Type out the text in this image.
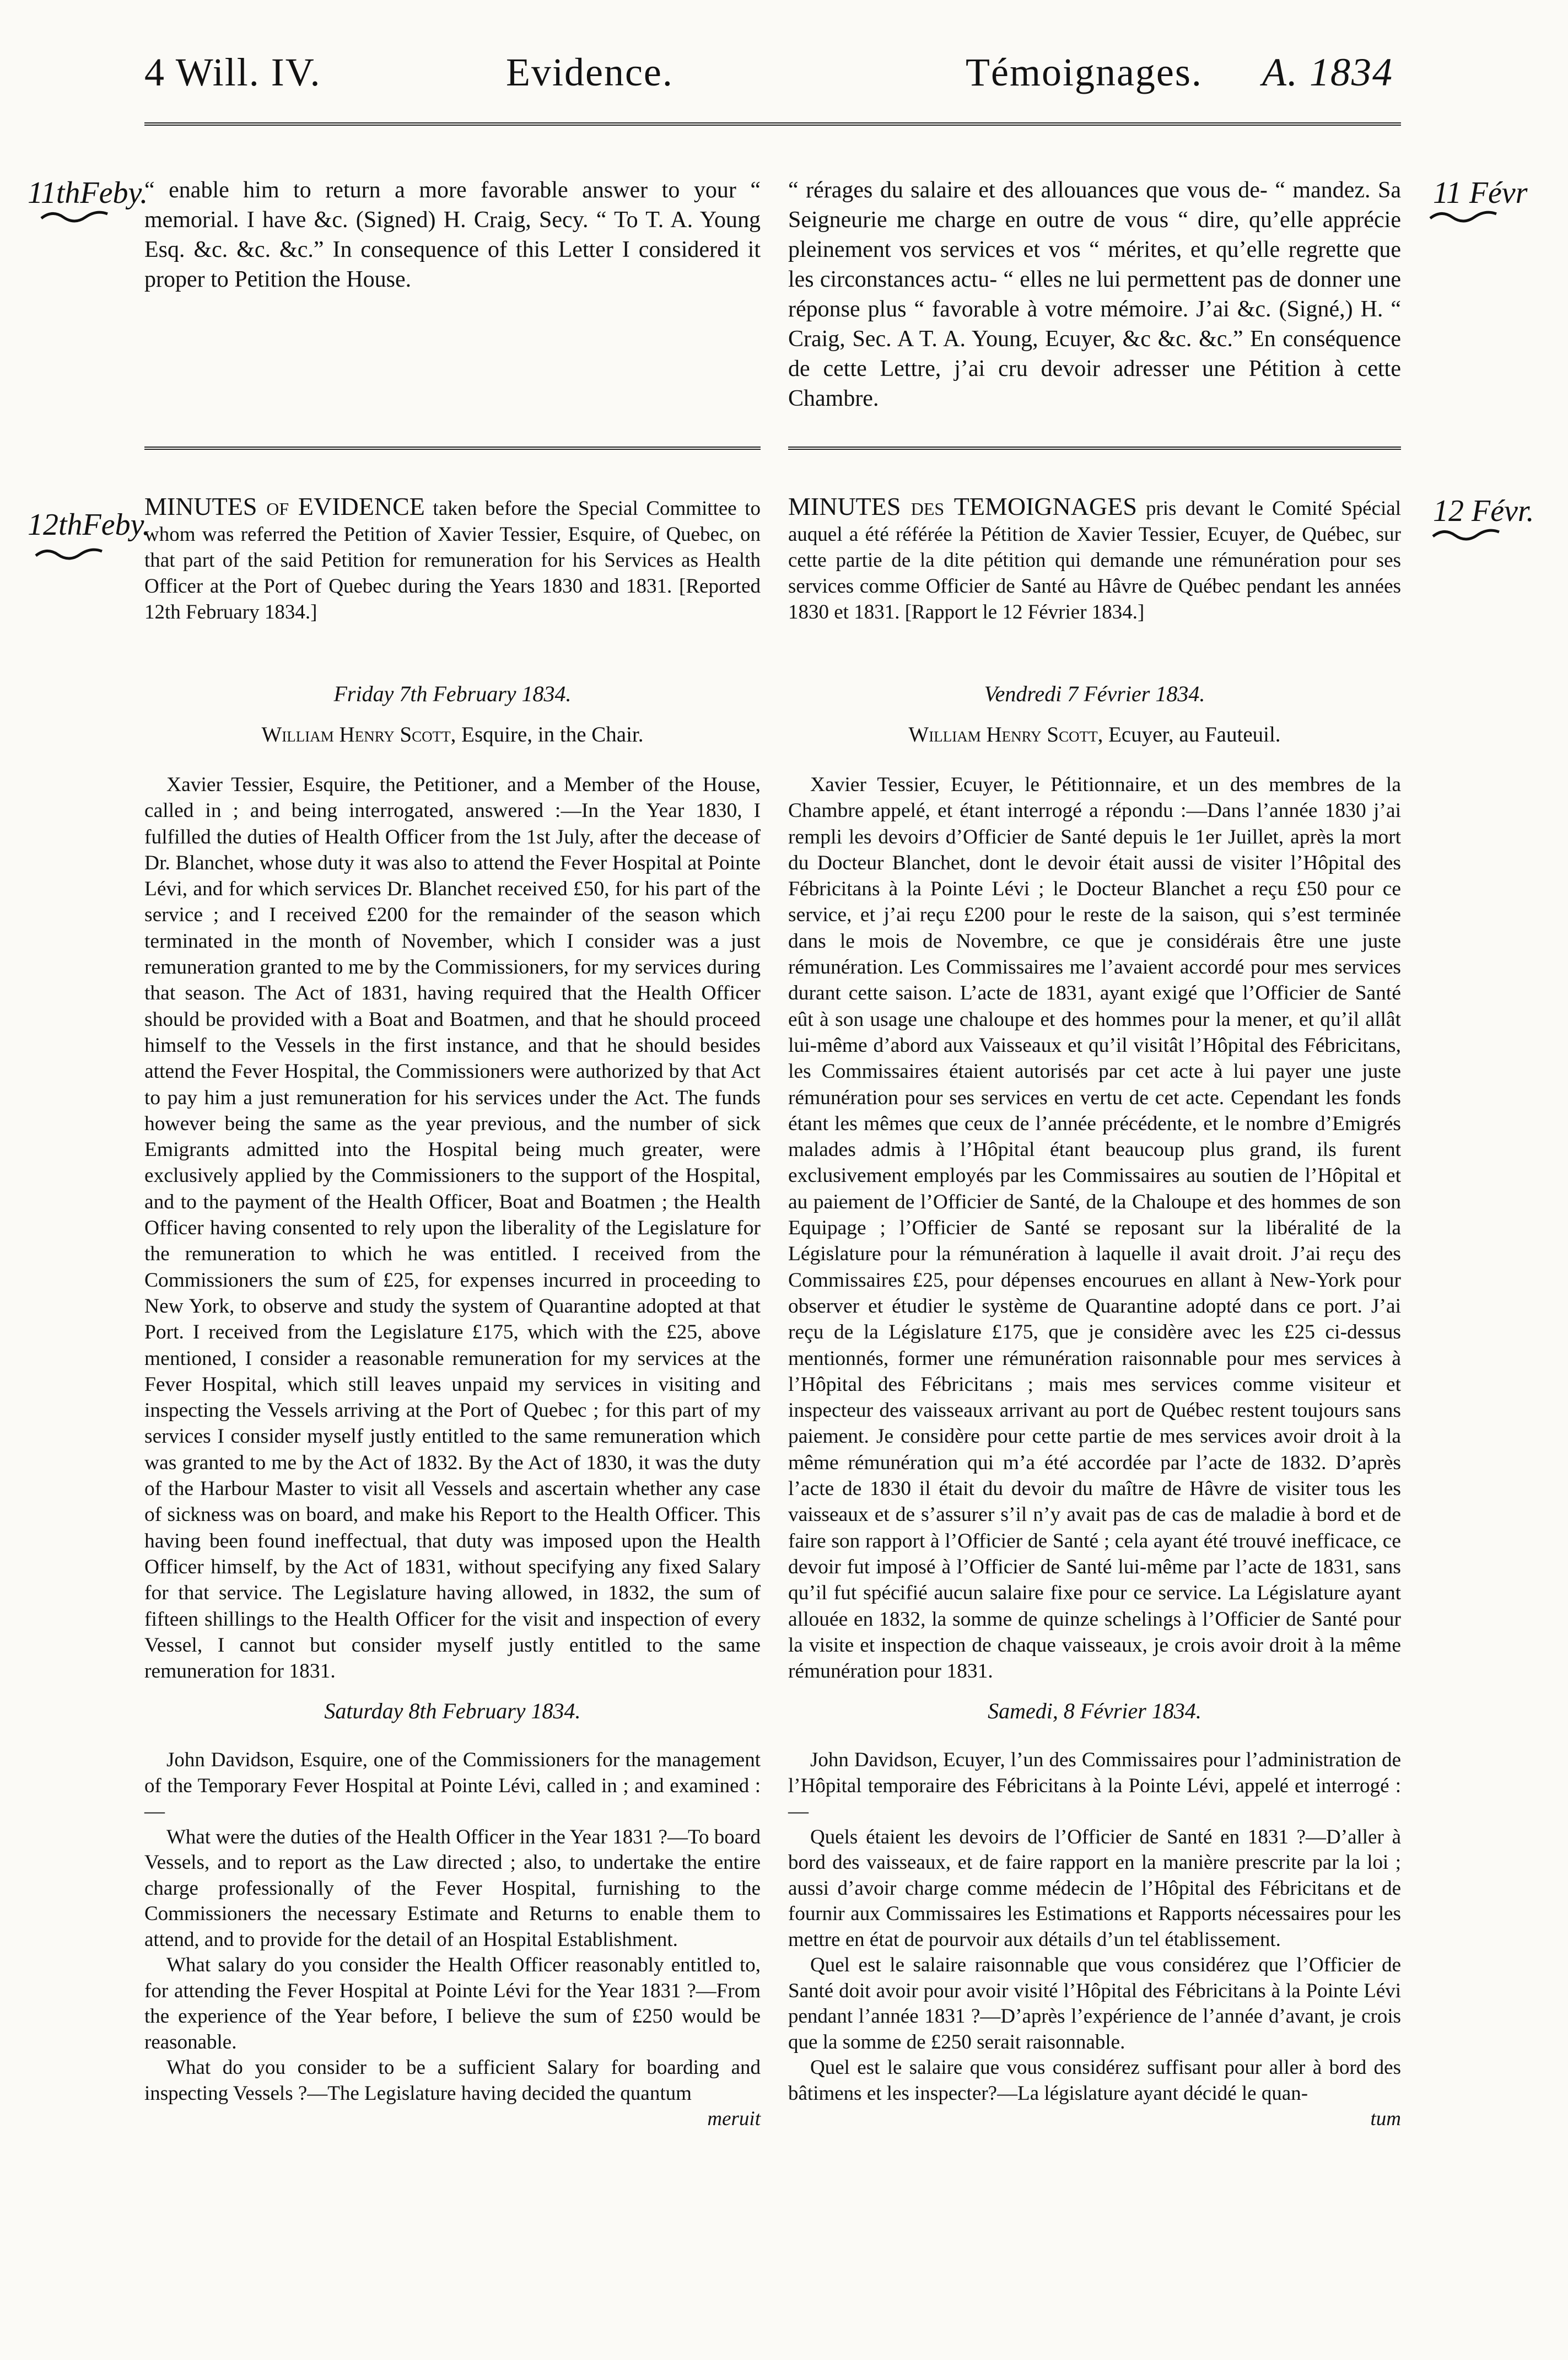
4 Will. IV.	Evidence.	Témoignages. A. 1834
11thFeby.	11 Févr

“ enable him to return a more favorable answer to your “ memorial. I have &c. (Signed) H. Craig, Secy. “ To T. A. Young Esq. &c. &c. &c.” In consequence of this Letter I considered it proper to Petition the House.

“ rérages du salaire et des allouances que vous de- “ mandez. Sa Seigneurie me charge en outre de vous “ dire, qu’elle apprécie pleinement vos services et vos “ mérites, et qu’elle regrette que les circonstances actu- “ elles ne lui permettent pas de donner une réponse plus “ favorable à votre mémoire. J’ai &c. (Signé,) H. “ Craig, Sec. A T. A. Young, Ecuyer, &c &c. &c.” En conséquence de cette Lettre, j’ai cru devoir adresser une Pétition à cette Chambre.

12thFeby.	12 Févr.
MINUTES of EVIDENCE taken before the Special Committee to whom was referred the Petition of Xavier Tessier, Esquire, of Quebec, on that part of the said Petition for remuneration for his Services as Health Officer at the Port of Quebec during the Years 1830 and 1831. [Reported 12th February 1834.]
MINUTES des TEMOIGNAGES pris devant le Comité Spécial auquel a été référée la Pétition de Xavier Tessier, Ecuyer, de Québec, sur cette partie de la dite pétition qui demande une rémunération pour ses services comme Officier de Santé au Hâvre de Québec pendant les années 1830 et 1831. [Rapport le 12 Février 1834.]
Friday 7th February 1834.	Vendredi 7 Février 1834.
William Henry Scott, Esquire, in the Chair.	William Henry Scott, Ecuyer, au Fauteuil.

Xavier Tessier, Esquire, the Petitioner, and a Member of the House, called in ; and being interrogated, answered :—In the Year 1830, I fulfilled the duties of Health Officer from the 1st July, after the decease of Dr. Blanchet, whose duty it was also to attend the Fever Hospital at Pointe Lévi, and for which services Dr. Blanchet received £50, for his part of the service ; and I received £200 for the remainder of the season which terminated in the month of November, which I consider was a just remuneration granted to me by the Commissioners, for my services during that season. The Act of 1831, having required that the Health Officer should be provided with a Boat and Boatmen, and that he should proceed himself to the Vessels in the first instance, and that he should besides attend the Fever Hospital, the Commissioners were authorized by that Act to pay him a just remuneration for his services under the Act. The funds however being the same as the year previous, and the number of sick Emigrants admitted into the Hospital being much greater, were exclusively applied by the Commissioners to the support of the Hospital, and to the payment of the Health Officer, Boat and Boatmen ; the Health Officer having consented to rely upon the liberality of the Legislature for the remuneration to which he was entitled. I received from the Commissioners the sum of £25, for expenses incurred in proceeding to New York, to observe and study the system of Quarantine adopted at that Port. I received from the Legislature £175, which with the £25, above mentioned, I consider a reasonable remuneration for my services at the Fever Hospital, which still leaves unpaid my services in visiting and inspecting the Vessels arriving at the Port of Quebec ; for this part of my services I consider myself justly entitled to the same remuneration which was granted to me by the Act of 1832. By the Act of 1830, it was the duty of the Harbour Master to visit all Vessels and ascertain whether any case of sickness was on board, and make his Report to the Health Officer. This having been found ineffectual, that duty was imposed upon the Health Officer himself, by the Act of 1831, without specifying any fixed Salary for that service. The Legislature having allowed, in 1832, the sum of fifteen shillings to the Health Officer for the visit and inspection of every Vessel, I cannot but consider myself justly entitled to the same remuneration for 1831.

Xavier Tessier, Ecuyer, le Pétitionnaire, et un des membres de la Chambre appelé, et étant interrogé a répondu :—Dans l’année 1830 j’ai rempli les devoirs d’Officier de Santé depuis le 1er Juillet, après la mort du Docteur Blanchet, dont le devoir était aussi de visiter l’Hôpital des Fébricitans à la Pointe Lévi ; le Docteur Blanchet a reçu £50 pour ce service, et j’ai reçu £200 pour le reste de la saison, qui s’est terminée dans le mois de Novembre, ce que je considérais être une juste rémunération. Les Commissaires me l’avaient accordé pour mes services durant cette saison. L’acte de 1831, ayant exigé que l’Officier de Santé eût à son usage une chaloupe et des hommes pour la mener, et qu’il allât lui-même d’abord aux Vaisseaux et qu’il visitât l’Hôpital des Fébricitans, les Commissaires étaient autorisés par cet acte à lui payer une juste rémunération pour ses services en vertu de cet acte. Cependant les fonds étant les mêmes que ceux de l’année précédente, et le nombre d’Emigrés malades admis à l’Hôpital étant beaucoup plus grand, ils furent exclusivement employés par les Commissaires au soutien de l’Hôpital et au paiement de l’Officier de Santé, de la Chaloupe et des hommes de son Equipage ; l’Officier de Santé se reposant sur la libéralité de la Législature pour la rémunération à laquelle il avait droit. J’ai reçu des Commissaires £25, pour dépenses encourues en allant à New-York pour observer et étudier le système de Quarantine adopté dans ce port. J’ai reçu de la Législature £175, que je considère avec les £25 ci-dessus mentionnés, former une rémunération raisonnable pour mes services à l’Hôpital des Fébricitans ; mais mes services comme visiteur et inspecteur des vaisseaux arrivant au port de Québec restent toujours sans paiement. Je considère pour cette partie de mes services avoir droit à la même rémunération qui m’a été accordée par l’acte de 1832. D’après l’acte de 1830 il était du devoir du maître de Hâvre de visiter tous les vaisseaux et de s’assurer s’il n’y avait pas de cas de maladie à bord et de faire son rapport à l’Officier de Santé ; cela ayant été trouvé inefficace, ce devoir fut imposé à l’Officier de Santé lui-même par l’acte de 1831, sans qu’il fut spécifié aucun salaire fixe pour ce service. La Législature ayant allouée en 1832, la somme de quinze schelings à l’Officier de Santé pour la visite et inspection de chaque vaisseaux, je crois avoir droit à la même rémunération pour 1831.

Saturday 8th February 1834.	Samedi, 8 Février 1834.

John Davidson, Esquire, one of the Commissioners for the management of the Temporary Fever Hospital at Pointe Lévi, called in ; and examined :—

What were the duties of the Health Officer in the Year 1831 ?—To board Vessels, and to report as the Law directed ; also, to undertake the entire charge professionally of the Fever Hospital, furnishing to the Commissioners the necessary Estimate and Returns to enable them to attend, and to provide for the detail of an Hospital Establishment.

What salary do you consider the Health Officer reasonably entitled to, for attending the Fever Hospital at Pointe Lévi for the Year 1831 ?—From the experience of the Year before, I believe the sum of £250 would be reasonable.

What do you consider to be a sufficient Salary for boarding and inspecting Vessels ?—The Legislature having decided the quantum

meruit

John Davidson, Ecuyer, l’un des Commissaires pour l’administration de l’Hôpital temporaire des Fébricitans à la Pointe Lévi, appelé et interrogé :—

Quels étaient les devoirs de l’Officier de Santé en 1831 ?—D’aller à bord des vaisseaux, et de faire rapport en la manière prescrite par la loi ; aussi d’avoir charge comme médecin de l’Hôpital des Fébricitans et de fournir aux Commissaires les Estimations et Rapports nécessaires pour les mettre en état de pourvoir aux détails d’un tel établissement.

Quel est le salaire raisonnable que vous considérez que l’Officier de Santé doit avoir pour avoir visité l’Hôpital des Fébricitans à la Pointe Lévi pendant l’année 1831 ?—D’après l’expérience de l’année d’avant, je crois que la somme de £250 serait raisonnable.

Quel est le salaire que vous considérez suffisant pour aller à bord des bâtimens et les inspecter?—La législature ayant décidé le quan-

tum
